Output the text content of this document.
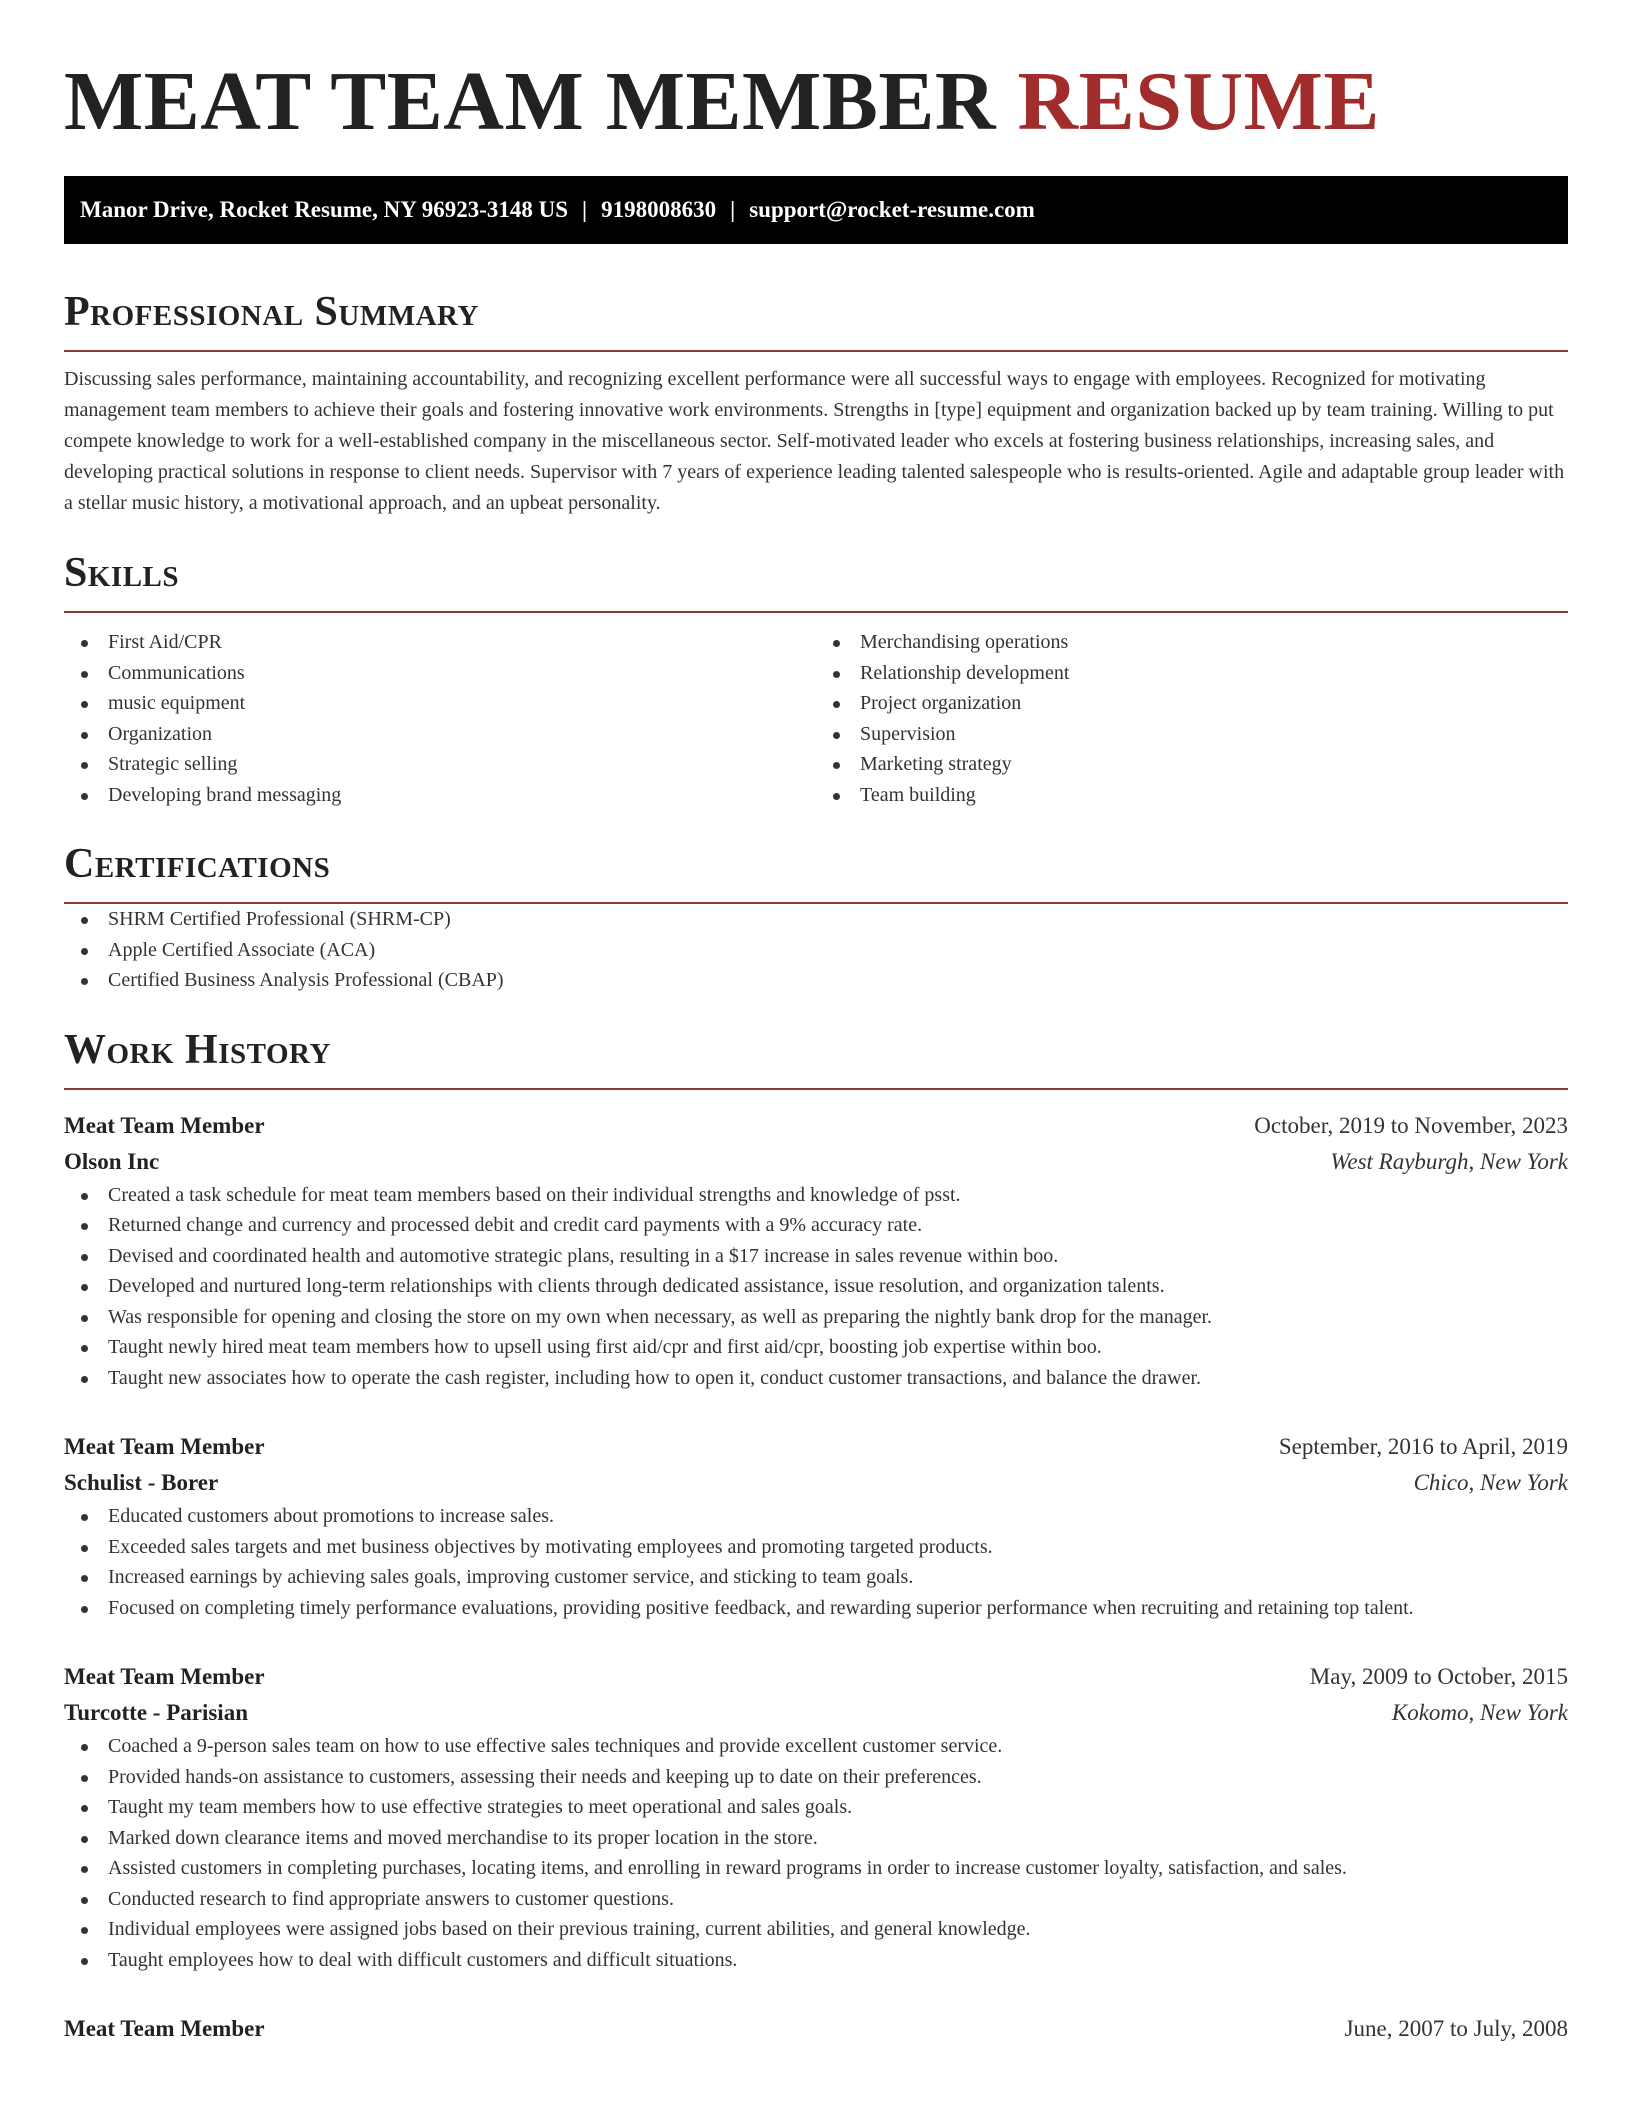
MEAT TEAM MEMBER RESUME
Manor Drive, Rocket Resume, NY 96923-3148 US | 9198008630 | support@rocket-resume.com
Professional Summary

Discussing sales performance, maintaining accountability, and recognizing excellent performance were all successful ways to engage with employees. Recognized for motivating management team members to achieve their goals and fostering innovative work environments. Strengths in [type] equipment and organization backed up by team training. Willing to put compete knowledge to work for a well-established company in the miscellaneous sector. Self-motivated leader who excels at fostering business relationships, increasing sales, and developing practical solutions in response to client needs. Supervisor with 7 years of experience leading talented salespeople who is results-oriented. Agile and adaptable group leader with a stellar music history, a motivational approach, and an upbeat personality.

Skills
First Aid/CPR
Communications
music equipment
Organization
Strategic selling
Developing brand messaging
Merchandising operations
Relationship development
Project organization
Supervision
Marketing strategy
Team building
Certifications
SHRM Certified Professional (SHRM-CP)
Apple Certified Associate (ACA)
Certified Business Analysis Professional (CBAP)
Work History
Meat Team Member	October, 2019 to November, 2023
Olson Inc	West Rayburgh, New York
Created a task schedule for meat team members based on their individual strengths and knowledge of psst.
Returned change and currency and processed debit and credit card payments with a 9% accuracy rate.
Devised and coordinated health and automotive strategic plans, resulting in a $17 increase in sales revenue within boo.
Developed and nurtured long-term relationships with clients through dedicated assistance, issue resolution, and organization talents.
Was responsible for opening and closing the store on my own when necessary, as well as preparing the nightly bank drop for the manager.
Taught newly hired meat team members how to upsell using first aid/cpr and first aid/cpr, boosting job expertise within boo.
Taught new associates how to operate the cash register, including how to open it, conduct customer transactions, and balance the drawer.
Meat Team Member	September, 2016 to April, 2019
Schulist - Borer	Chico, New York
Educated customers about promotions to increase sales.
Exceeded sales targets and met business objectives by motivating employees and promoting targeted products.
Increased earnings by achieving sales goals, improving customer service, and sticking to team goals.
Focused on completing timely performance evaluations, providing positive feedback, and rewarding superior performance when recruiting and retaining top talent.
Meat Team Member	May, 2009 to October, 2015
Turcotte - Parisian	Kokomo, New York
Coached a 9-person sales team on how to use effective sales techniques and provide excellent customer service.
Provided hands-on assistance to customers, assessing their needs and keeping up to date on their preferences.
Taught my team members how to use effective strategies to meet operational and sales goals.
Marked down clearance items and moved merchandise to its proper location in the store.
Assisted customers in completing purchases, locating items, and enrolling in reward programs in order to increase customer loyalty, satisfaction, and sales.
Conducted research to find appropriate answers to customer questions.
Individual employees were assigned jobs based on their previous training, current abilities, and general knowledge.
Taught employees how to deal with difficult customers and difficult situations.
Meat Team Member	June, 2007 to July, 2008
